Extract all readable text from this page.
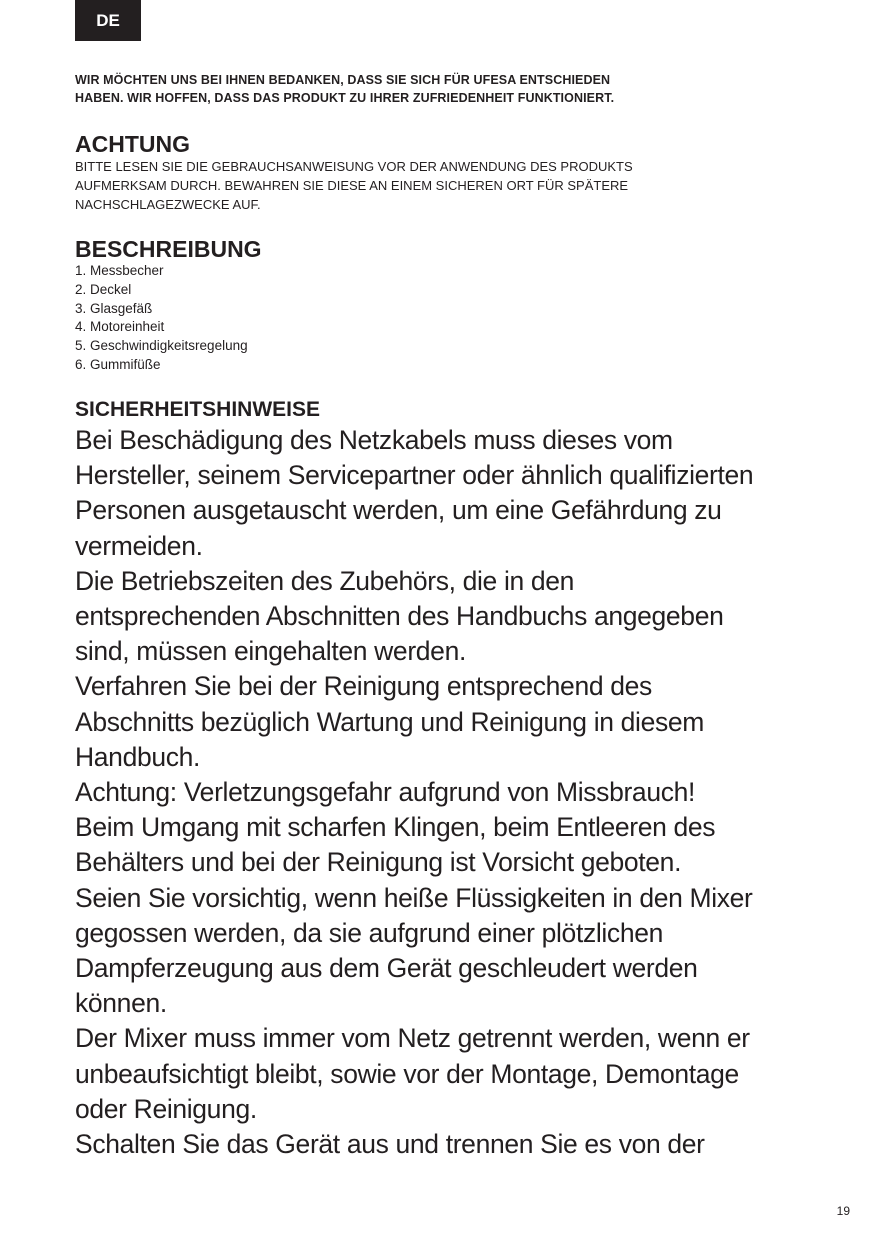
DE

WIR MÖCHTEN UNS BEI IHNEN BEDANKEN, DASS SIE SICH FÜR UFESA ENTSCHIEDEN

HABEN. WIR HOFFEN, DASS DAS PRODUKT ZU IHRER ZUFRIEDENHEIT FUNKTIONIERT.

ACHTUNG

BITTE LESEN SIE DIE GEBRAUCHSANWEISUNG VOR DER ANWENDUNG DES PRODUKTS

AUFMERKSAM DURCH. BEWAHREN SIE DIESE AN EINEM SICHEREN ORT FÜR SPÄTERE

NACHSCHLAGEZWECKE AUF.

BESCHREIBUNG
1. Messbecher
2. Deckel
3. Glasgefäß
4. Motoreinheit
5. Geschwindigkeitsregelung
6. Gummifüße
SICHERHEITSHINWEISE

Bei Beschädigung des Netzkabels muss dieses vom

Hersteller, seinem Servicepartner oder ähnlich qualifizierten

Personen ausgetauscht werden, um eine Gefährdung zu

vermeiden.

Die Betriebszeiten des Zubehörs, die in den

entsprechenden Abschnitten des Handbuchs angegeben

sind, müssen eingehalten werden.

Verfahren Sie bei der Reinigung entsprechend des

Abschnitts bezüglich Wartung und Reinigung in diesem

Handbuch.

Achtung: Verletzungsgefahr aufgrund von Missbrauch!

Beim Umgang mit scharfen Klingen, beim Entleeren des

Behälters und bei der Reinigung ist Vorsicht geboten.

Seien Sie vorsichtig, wenn heiße Flüssigkeiten in den Mixer

gegossen werden, da sie aufgrund einer plötzlichen

Dampferzeugung aus dem Gerät geschleudert werden

können.

Der Mixer muss immer vom Netz getrennt werden, wenn er

unbeaufsichtigt bleibt, sowie vor der Montage, Demontage

oder Reinigung.

Schalten Sie das Gerät aus und trennen Sie es von der

19
